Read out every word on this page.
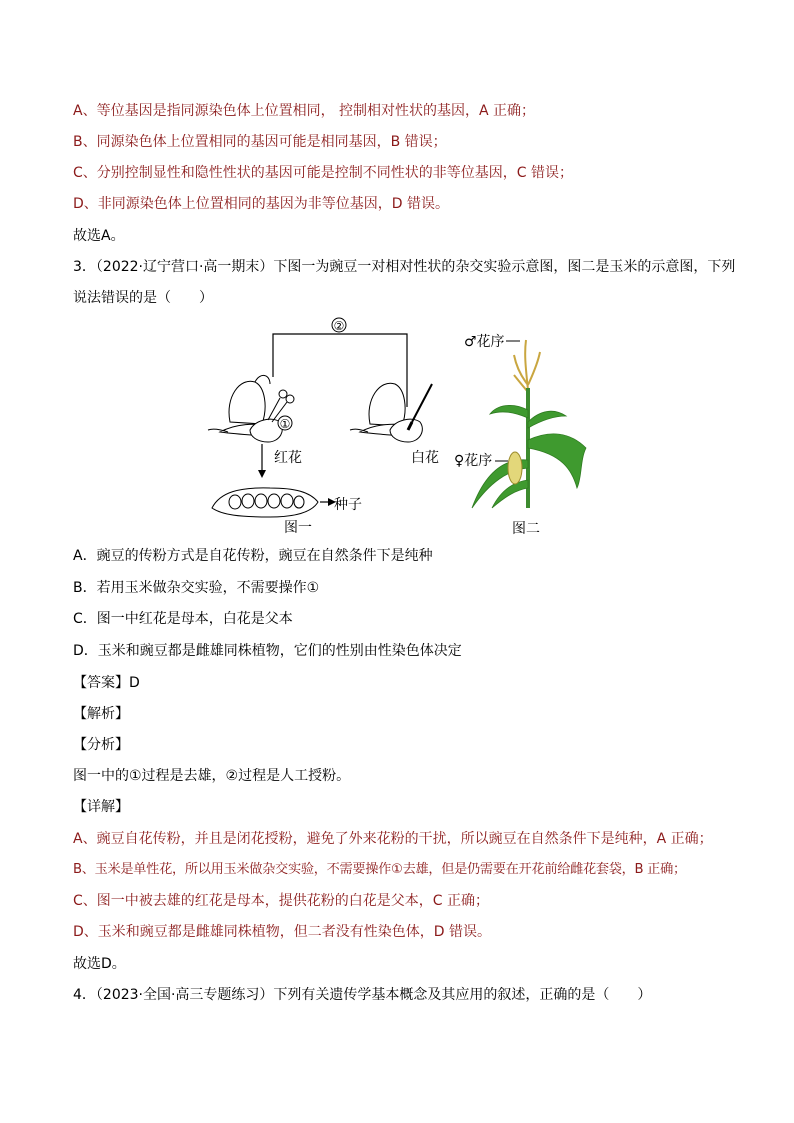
A、等位基因是指同源染色体上位置相同， 控制相对性状的基因，A 正确；
B、同源染色体上位置相同的基因可能是相同基因，B 错误；
C、分别控制显性和隐性性状的基因可能是控制不同性状的非等位基因，C 错误；
D、非同源染色体上位置相同的基因为非等位基因，D 错误。
故选A。
3．（2022·辽宁营口·高一期末）下图一为豌豆一对相对性状的杂交实验示意图，图二是玉米的示意图，下列
说法错误的是（　　）
②
①
红花
种子
图一
白花
♂花序
♀花序
图二
A．豌豆的传粉方式是自花传粉，豌豆在自然条件下是纯种
B．若用玉米做杂交实验，不需要操作①
C．图一中红花是母本，白花是父本
D．玉米和豌豆都是雌雄同株植物，它们的性别由性染色体决定
【答案】D
【解析】
【分析】
图一中的①过程是去雄，②过程是人工授粉。
【详解】
A、豌豆自花传粉，并且是闭花授粉，避免了外来花粉的干扰，所以豌豆在自然条件下是纯种，A 正确；
B、玉米是单性花，所以用玉米做杂交实验，不需要操作①去雄，但是仍需要在开花前给雌花套袋，B 正确；
C、图一中被去雄的红花是母本，提供花粉的白花是父本，C 正确；
D、玉米和豌豆都是雌雄同株植物，但二者没有性染色体，D 错误。
故选D。
4．（2023·全国·高三专题练习）下列有关遗传学基本概念及其应用的叙述，正确的是（　　）
